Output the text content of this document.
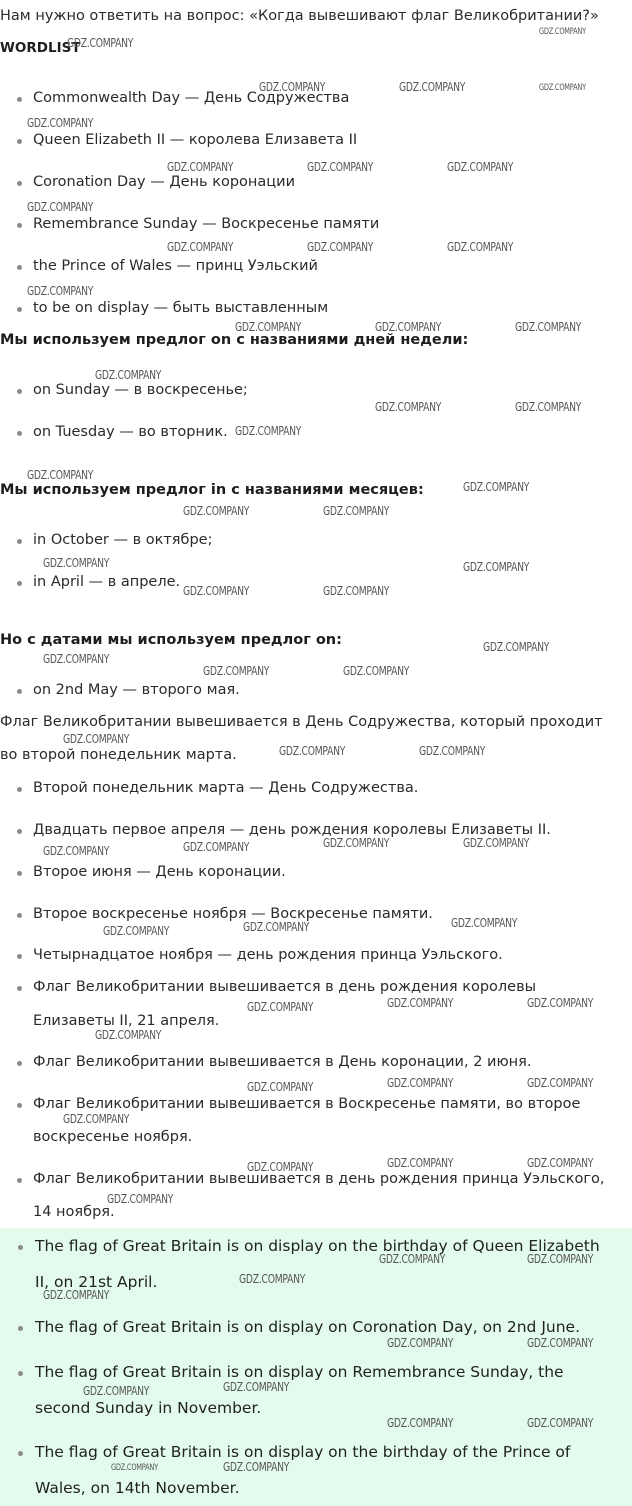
Нам нужно ответить на вопрос: «Когда вывешивают флаг Великобритании?»
WORDLIST
Commonwealth Day — День Содружества
Queen Elizabeth II — королева Елизавета II
Coronation Day — День коронации
Remembrance Sunday — Воскресенье памяти
the Prince of Wales — принц Уэльский
to be on display — быть выставленным
Мы используем предлог on с названиями дней недели:
on Sunday — в воскресенье;
on Tuesday — во вторник.
Мы используем предлог in с названиями месяцев:
in October — в октябре;
in April — в апреле.
Но с датами мы используем предлог on:
on 2nd May — второго мая.
Флаг Великобритании вывешивается в День Содружества, который проходит
во второй понедельник марта.
Второй понедельник марта — День Содружества.
Двадцать первое апреля — день рождения королевы Елизаветы II.
Второе июня — День коронации.
Второе воскресенье ноября — Воскресенье памяти.
Четырнадцатое ноября — день рождения принца Уэльского.
Флаг Великобритании вывешивается в день рождения королевы
Елизаветы II, 21 апреля.
Флаг Великобритании вывешивается в День коронации, 2 июня.
Флаг Великобритании вывешивается в Воскресенье памяти, во второе
воскресенье ноября.
Флаг Великобритании вывешивается в день рождения принца Уэльского,
14 ноября.
The flag of Great Britain is on display on the birthday of Queen Elizabeth
II, on 21st April.
The flag of Great Britain is on display on Coronation Day, on 2nd June.
The flag of Great Britain is on display on Remembrance Sunday, the
second Sunday in November.
The flag of Great Britain is on display on the birthday of the Prince of
Wales, on 14th November.
GDZ.COMPANY
GDZ.COMPANY
GDZ.COMPANY	GDZ.COMPANY	GDZ.COMPANY
GDZ.COMPANY
GDZ.COMPANY	GDZ.COMPANY	GDZ.COMPANY
GDZ.COMPANY
GDZ.COMPANY	GDZ.COMPANY	GDZ.COMPANY
GDZ.COMPANY
GDZ.COMPANY	GDZ.COMPANY	GDZ.COMPANY
GDZ.COMPANY
GDZ.COMPANY	GDZ.COMPANY
GDZ.COMPANY
GDZ.COMPANY
GDZ.COMPANY
GDZ.COMPANY	GDZ.COMPANY
GDZ.COMPANY	GDZ.COMPANY
GDZ.COMPANY	GDZ.COMPANY
GDZ.COMPANY
GDZ.COMPANY
GDZ.COMPANY	GDZ.COMPANY
GDZ.COMPANY
GDZ.COMPANY	GDZ.COMPANY
GDZ.COMPANY	GDZ.COMPANY
GDZ.COMPANY	GDZ.COMPANY
GDZ.COMPANY
GDZ.COMPANY	GDZ.COMPANY
GDZ.COMPANY	GDZ.COMPANY
GDZ.COMPANY
GDZ.COMPANY
GDZ.COMPANY	GDZ.COMPANY
GDZ.COMPANY
GDZ.COMPANY
GDZ.COMPANY	GDZ.COMPANY
GDZ.COMPANY
GDZ.COMPANY
GDZ.COMPANY	GDZ.COMPANY
GDZ.COMPANY
GDZ.COMPANY
GDZ.COMPANY	GDZ.COMPANY
GDZ.COMPANY	GDZ.COMPANY
GDZ.COMPANY	GDZ.COMPANY
GDZ.COMPANY	GDZ.COMPANY
